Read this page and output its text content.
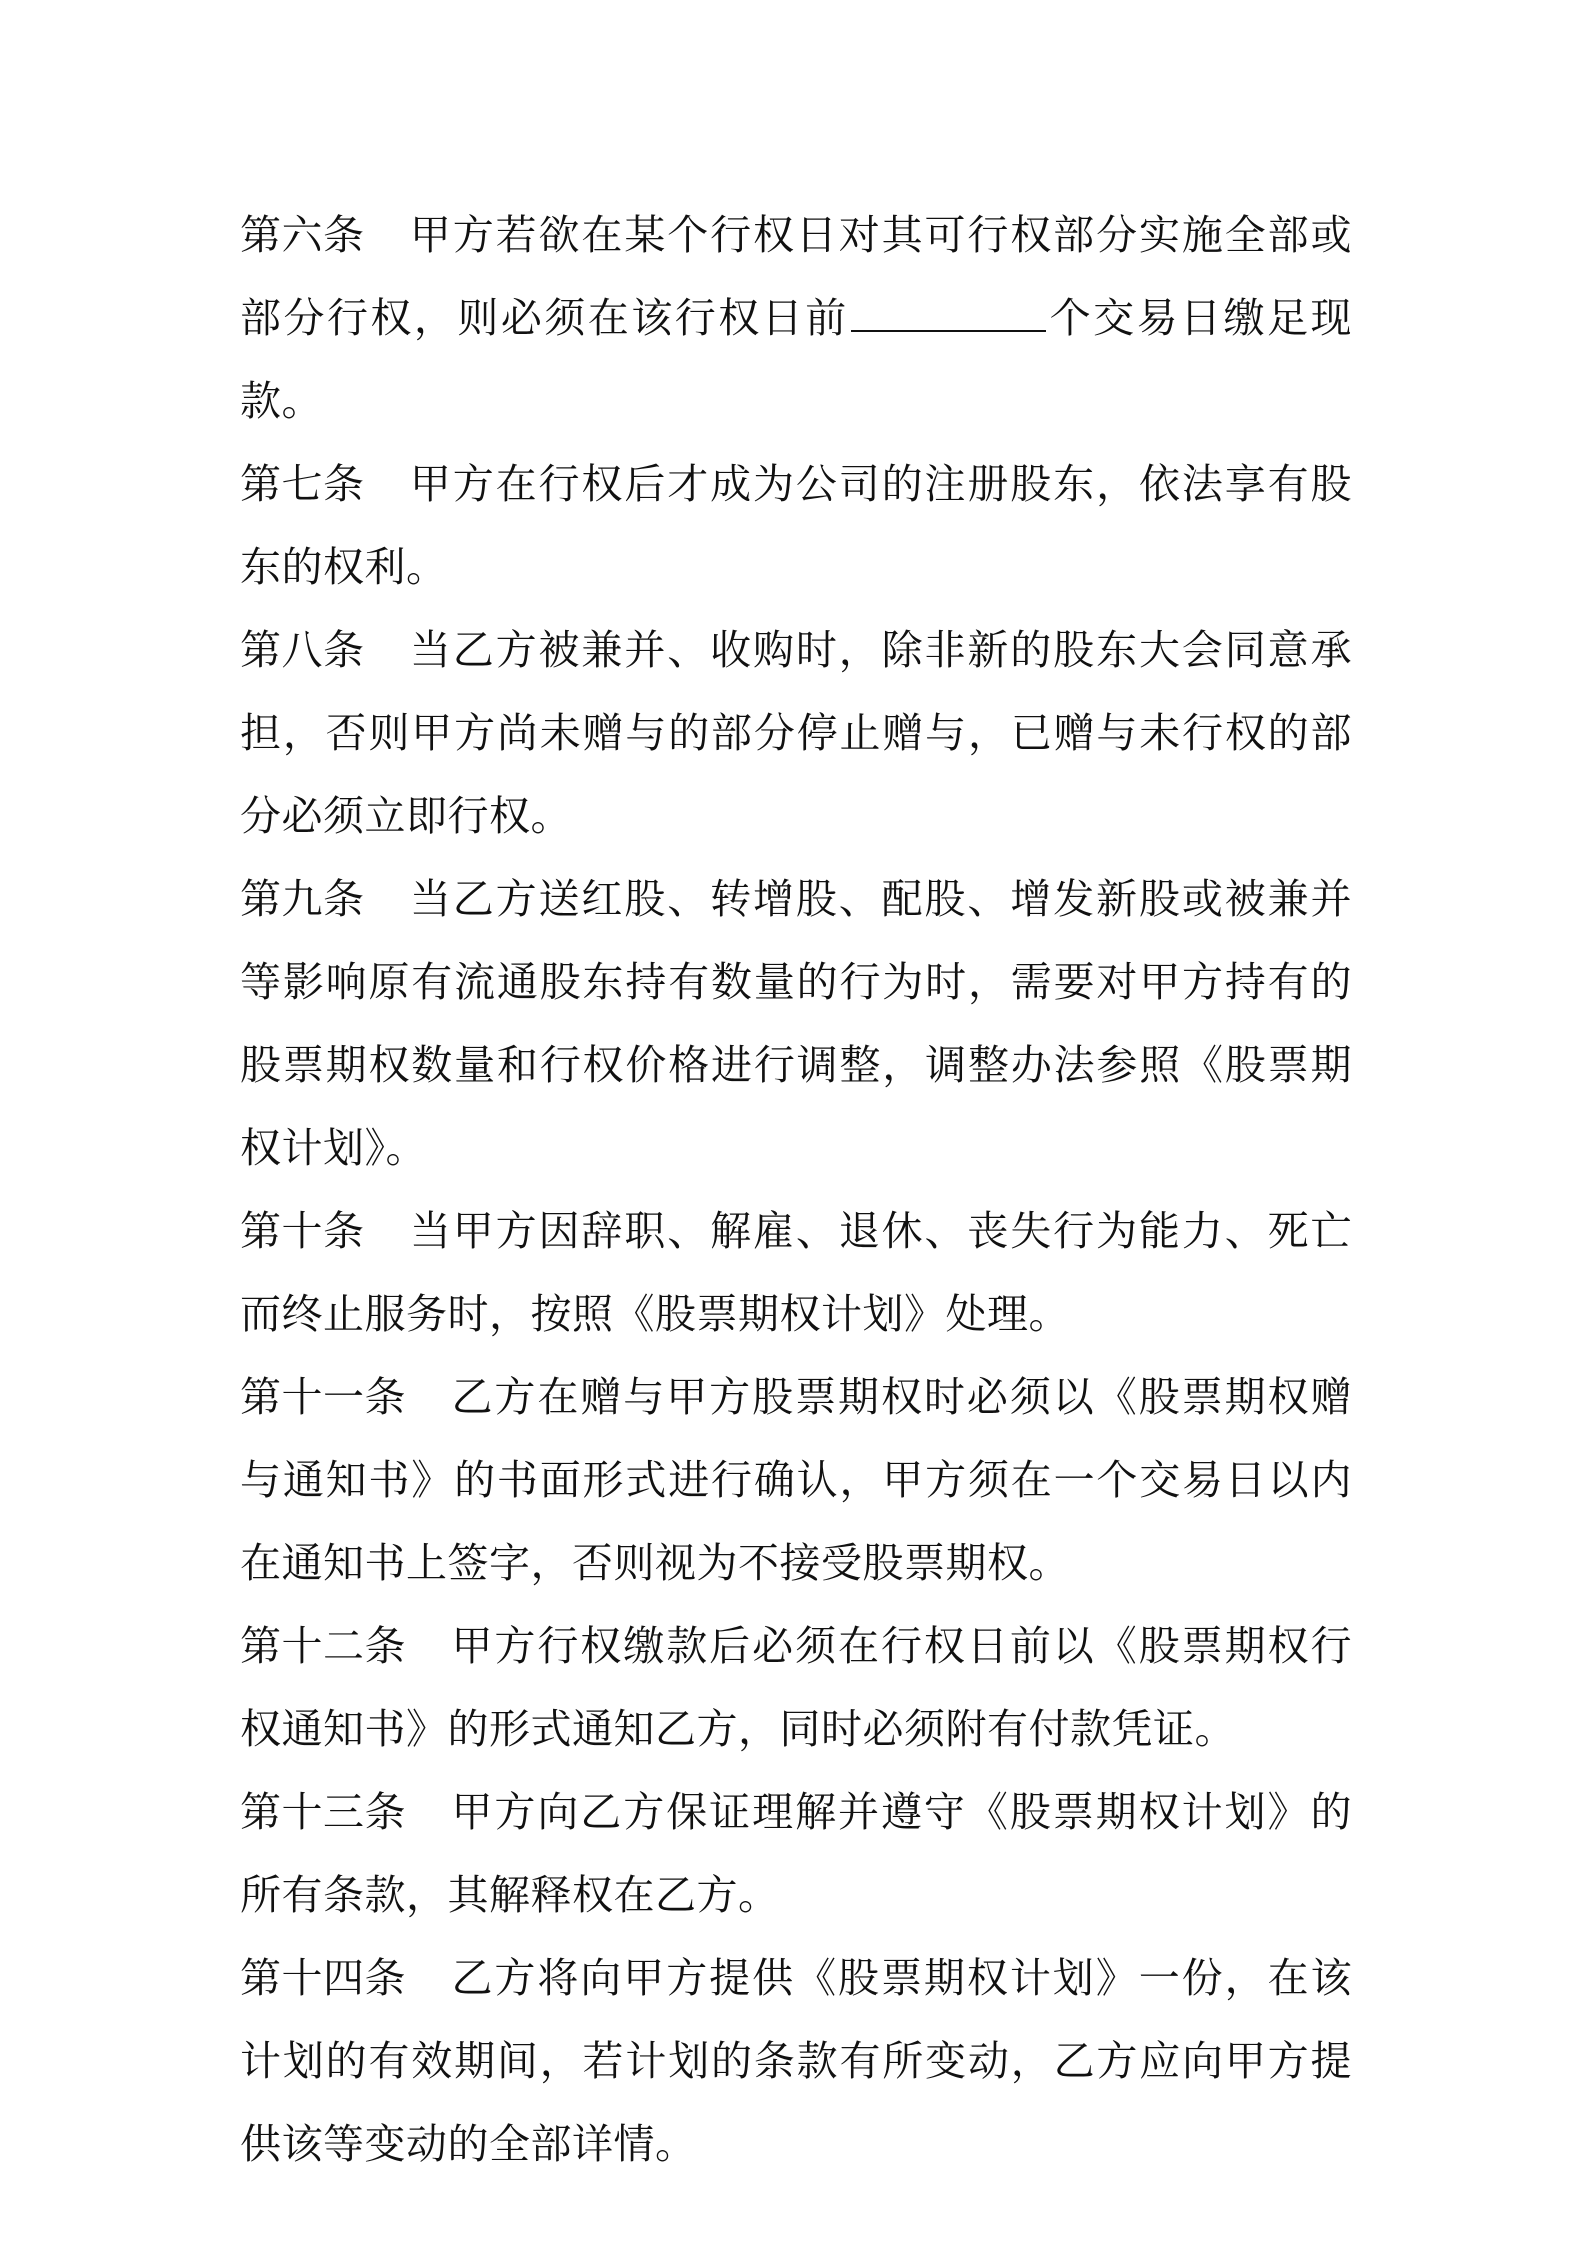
第六条 甲方若欲在某个行权日对其可行权部分实施全部或部分行权，则必须在该行权日前	个交易日缴足现款。

第七条 甲方在行权后才成为公司的注册股东，依法享有股东的权利。

第八条 当乙方被兼并、收购时，除非新的股东大会同意承担，否则甲方尚未赠与的部分停止赠与，已赠与未行权的部分必须立即行权。

第九条 当乙方送红股、转增股、配股、增发新股或被兼并等影响原有流通股东持有数量的行为时，需要对甲方持有的股票期权数量和行权价格进行调整，调整办法参照《股票期权计划》。

第十条 当甲方因辞职、解雇、退休、丧失行为能力、死亡而终止服务时，按照《股票期权计划》处理。

第十一条 乙方在赠与甲方股票期权时必须以《股票期权赠与通知书》的书面形式进行确认，甲方须在一个交易日以内在通知书上签字，否则视为不接受股票期权。

第十二条 甲方行权缴款后必须在行权日前以《股票期权行权通知书》的形式通知乙方，同时必须附有付款凭证。

第十三条 甲方向乙方保证理解并遵守《股票期权计划》的所有条款，其解释权在乙方。

第十四条 乙方将向甲方提供《股票期权计划》一份，在该计划的有效期间，若计划的条款有所变动，乙方应向甲方提供该等变动的全部详情。
